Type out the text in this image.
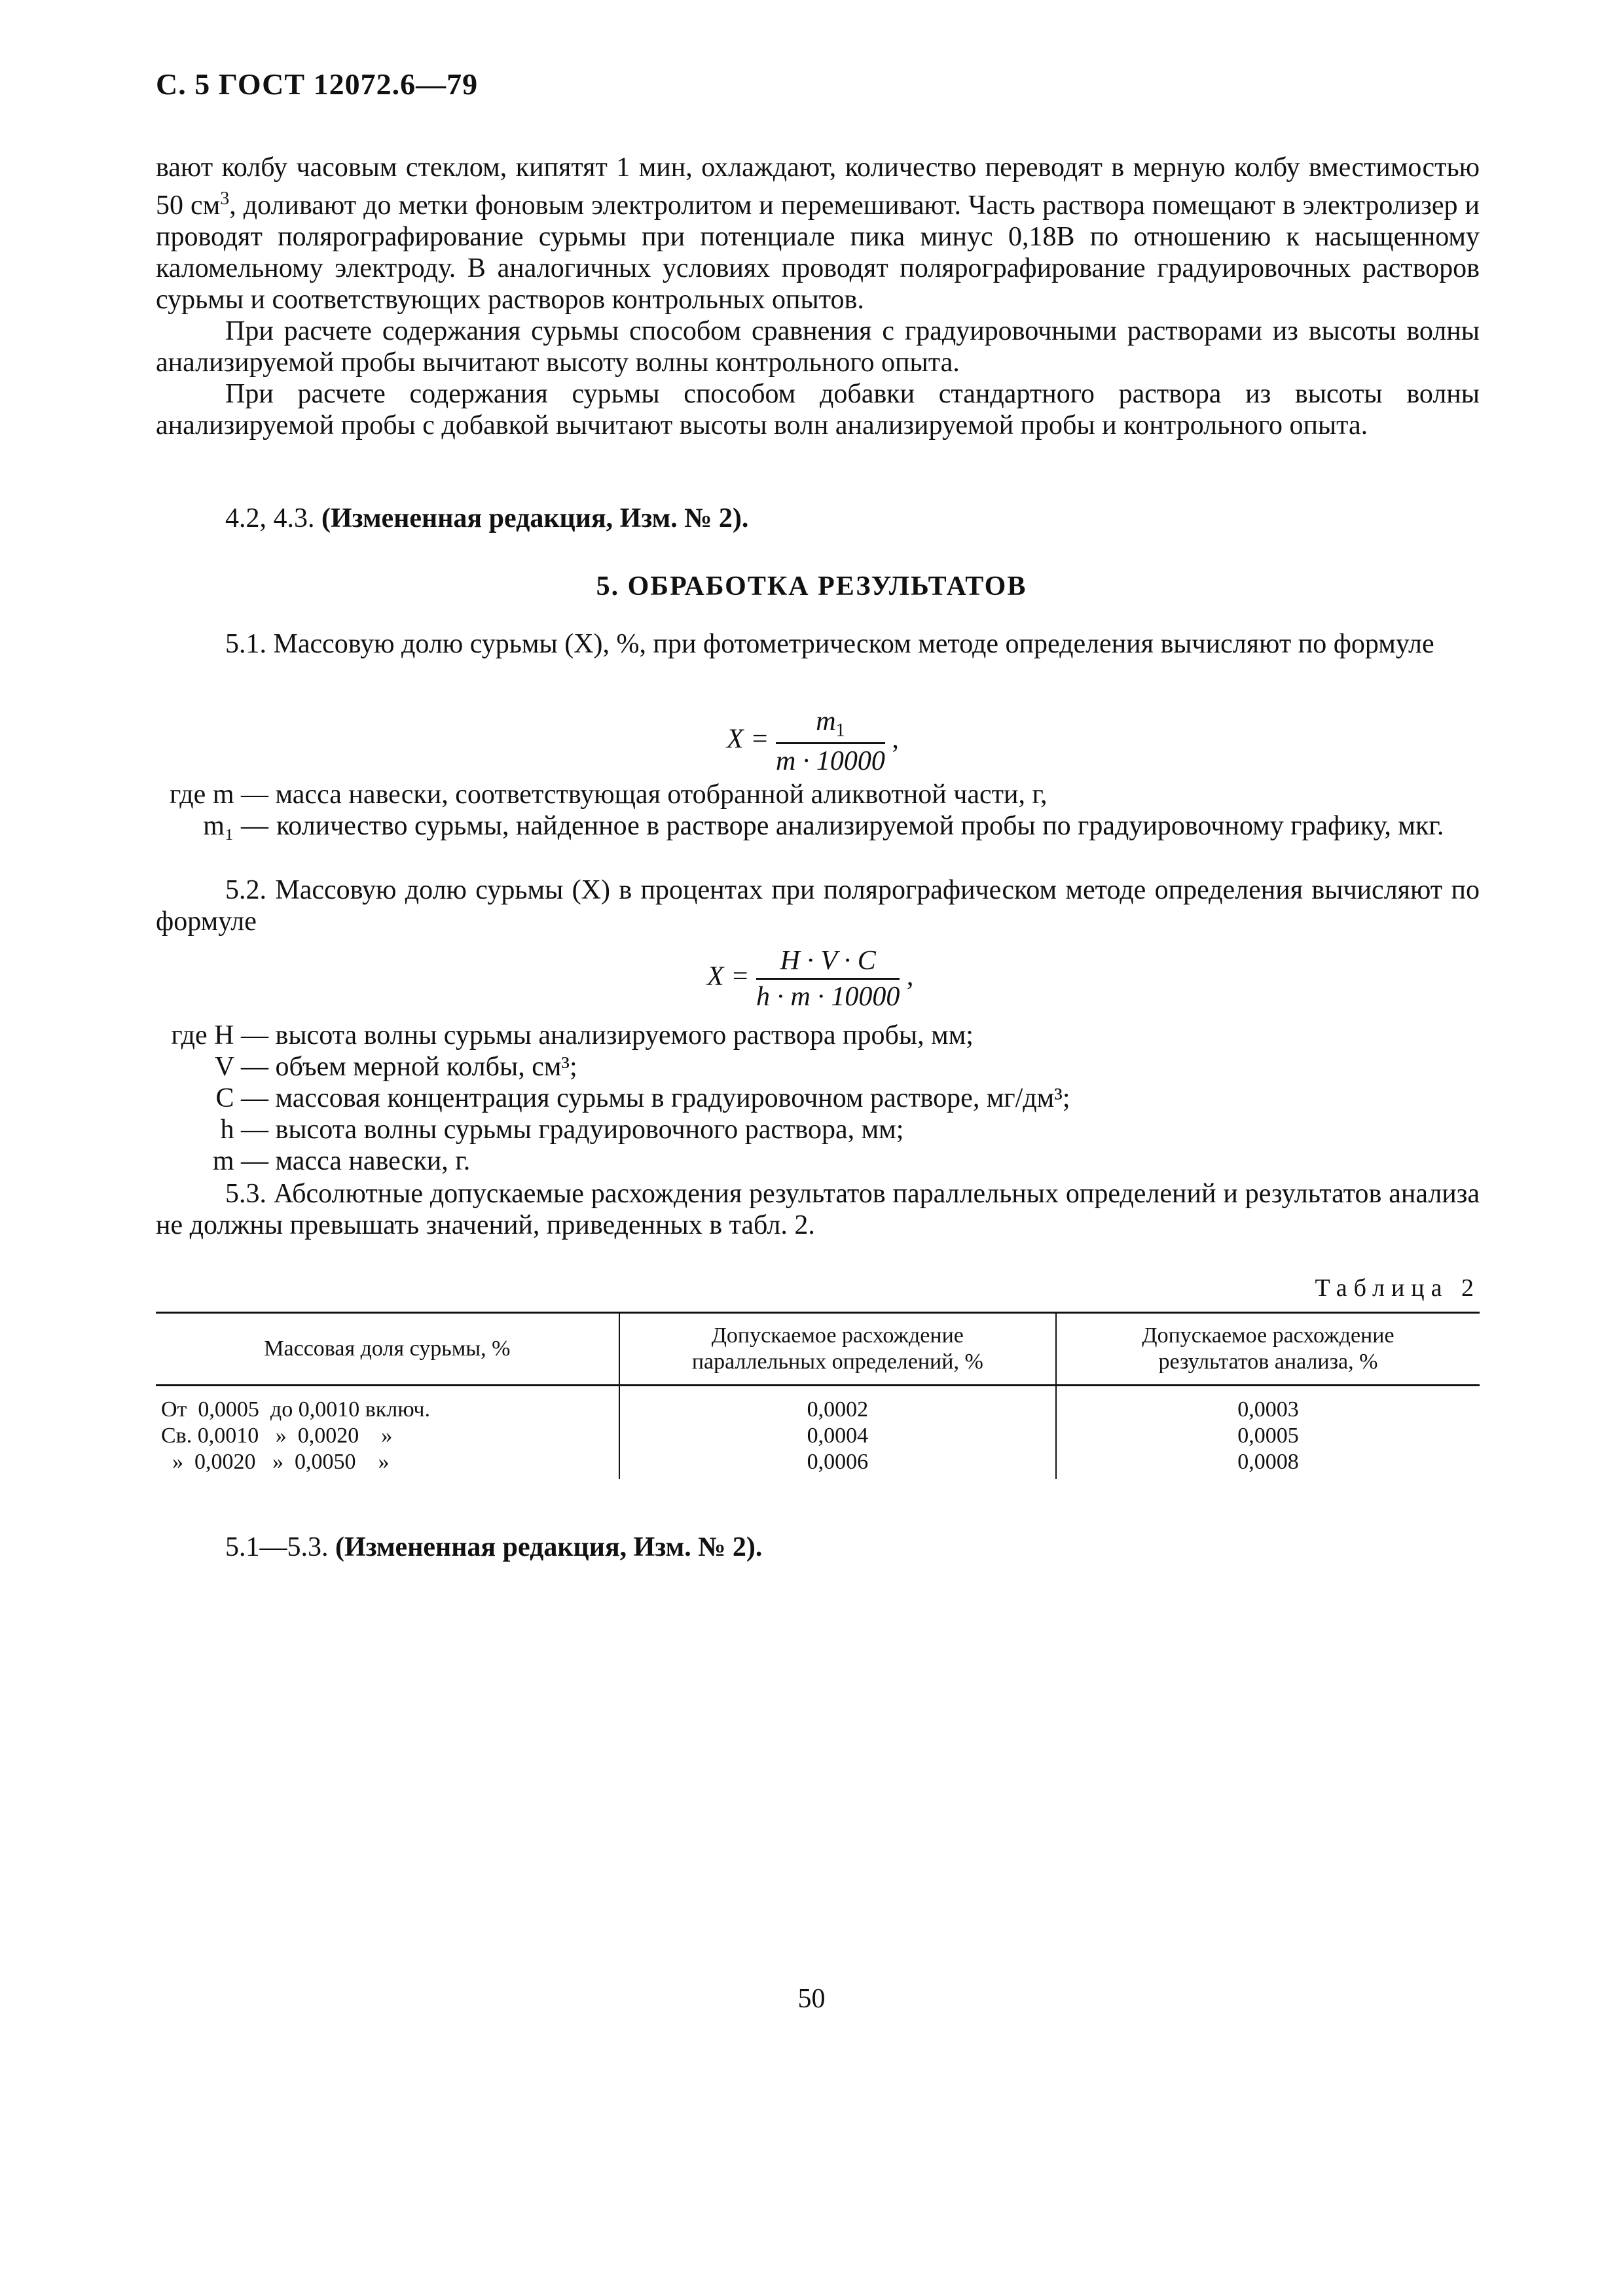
С. 5 ГОСТ 12072.6—79

вают колбу часовым стеклом, кипятят 1 мин, охлаждают, количество переводят в мерную колбу вместимостью 50 $см^3$, доливают до метки фоновым электролитом и перемешивают. Часть раствора помещают в электролизер и проводят полярографирование сурьмы при потенциале пика минус 0,18В по отношению к насыщенному каломельному электроду. В аналогичных условиях проводят полярографирование градуировочных растворов сурьмы и соответствующих растворов контрольных опытов.

При расчете содержания сурьмы способом сравнения с градуировочными растворами из высоты волны анализируемой пробы вычитают высоту волны контрольного опыта.

При расчете содержания сурьмы способом добавки стандартного раствора из высоты волны анализируемой пробы с добавкой вычитают высоты волн анализируемой пробы и контрольного опыта.

4.2, 4.3. (Измененная редакция, Изм. № 2).
5. ОБРАБОТКА РЕЗУЛЬТАТОВ

5.1. Массовую долю сурьмы (X), %, при фотометрическом методе определения вычисляют по формуле

$X = \frac{m_1}{m \cdot 10000}$ ,
где m — масса навески, соответствующая отобранной аликвотной части, г,
m₁ — количество сурьмы, найденное в растворе анализируемой пробы по градуировочному графику, мкг.

5.2. Массовую долю сурьмы (X) в процентах при полярографическом методе определения вычисляют по формуле

$X = \frac{H \cdot V \cdot C}{h \cdot m \cdot 10000}$ ,
где H — высота волны сурьмы анализируемого раствора пробы, мм;
V — объем мерной колбы, см³;
C — массовая концентрация сурьмы в градуировочном растворе, мг/дм³;
h — высота волны сурьмы градуировочного раствора, мм;
m — масса навески, г.

5.3. Абсолютные допускаемые расхождения результатов параллельных определений и результатов анализа не должны превышать значений, приведенных в табл. 2.

Таблица 2
Массовая доля сурьмы, %	Допускаемое расхождение параллельных определений, %	Допускаемое расхождение результатов анализа, %
От  0,0005  до 0,0010 включ.	0,0002	0,0003
Св. 0,0010   »  0,0020    »	0,0004	0,0005
»  0,0020   »  0,0050    »	0,0006	0,0008
5.1—5.3. (Измененная редакция, Изм. № 2).
50
